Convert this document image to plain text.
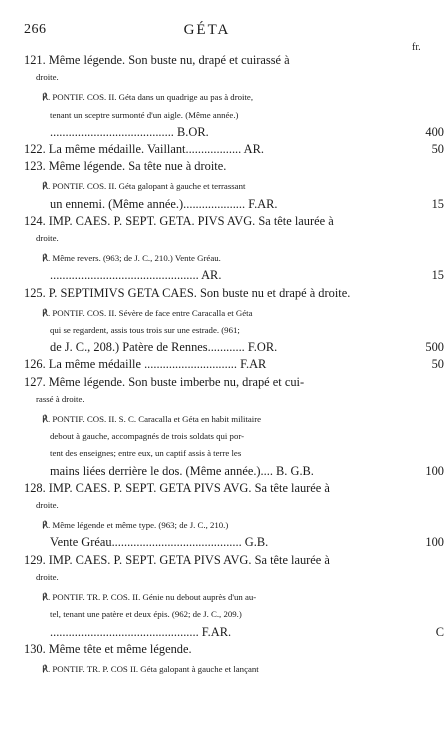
266	GÉTA
fr.
121. Même légende. Son buste nu, drapé et cuirassé à
droite.
℟. PONTIF. COS. II. Géta dans un quadrige au pas à droite,
tenant un sceptre surmonté d'un aigle. (Même année.)
........................................ B.OR.	400
122. La même médaille. Vaillant.................. AR.	50
123. Même légende. Sa tête nue à droite.
℟. PONTIF. COS. II. Géta galopant à gauche et terrassant
un ennemi. (Même année.).................... F.AR.	15
124. IMP. CAES. P. SEPT. GETA. PIVS AVG. Sa tête laurée à
droite.
℟. Même revers. (963; de J. C., 210.) Vente Gréau.
................................................ AR.	15
125. P. SEPTIMIVS GETA CAES. Son buste nu et drapé à droite.
℟. PONTIF. COS. II. Sévère de face entre Caracalla et Géta
qui se regardent, assis tous trois sur une estrade. (961;
de J. C., 208.) Patère de Rennes............ F.OR.	500
126. La même médaille .............................. F.AR	50
127. Même légende. Son buste imberbe nu, drapé et cui-
rassé à droite.
℟. PONTIF. COS. II. S. C. Caracalla et Géta en habit militaire
debout à gauche, accompagnés de trois soldats qui por-
tent des enseignes; entre eux, un captif assis à terre les
mains liées derrière le dos. (Même année.).... B. G.B.	100
128. IMP. CAES. P. SEPT. GETA PIVS AVG. Sa tête laurée à
droite.
℟. Même légende et même type. (963; de J. C., 210.)
Vente Gréau.......................................... G.B.	100
129. IMP. CAES. P. SEPT. GETA PIVS AVG. Sa tête laurée à
droite.
℟. PONTIF. TR. P. COS. II. Génie nu debout auprès d'un au-
tel, tenant une patère et deux épis. (962; de J. C., 209.)
................................................ F.AR.	C
130. Même tête et même légende.
℟. PONTIF. TR. P. COS II. Géta galopant à gauche et lançant
